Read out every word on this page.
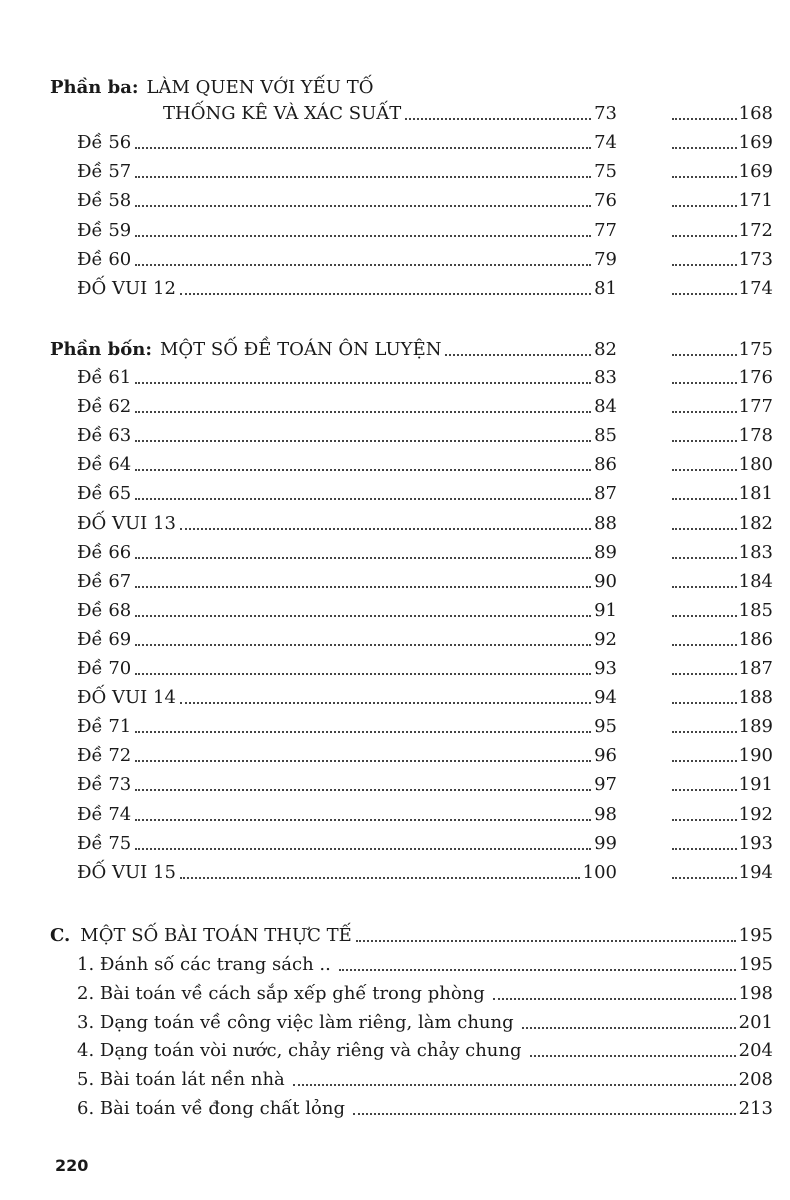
Phần ba: LÀM QUEN VỚI YẾU TỐ
THỐNG KÊ VÀ XÁC SUẤT	73	168
Đề 56	74	169
Đề 57	75	169
Đề 58	76	171
Đề 59	77	172
Đề 60	79	173
ĐỐ VUI 12	81	174
Phần bốn: MỘT SỐ ĐỀ TOÁN ÔN LUYỆN	82	175
Đề 61	83	176
Đề 62	84	177
Đề 63	85	178
Đề 64	86	180
Đề 65	87	181
ĐỐ VUI 13	88	182
Đề 66	89	183
Đề 67	90	184
Đề 68	91	185
Đề 69	92	186
Đề 70	93	187
ĐỐ VUI 14	94	188
Đề 71	95	189
Đề 72	96	190
Đề 73	97	191
Đề 74	98	192
Đề 75	99	193
ĐỐ VUI 15	100	194
C. MỘT SỐ BÀI TOÁN THỰC TẾ	195
1. Đánh số các trang sách ..	195
2. Bài toán về cách sắp xếp ghế trong phòng	198
3. Dạng toán về công việc làm riêng, làm chung	201
4. Dạng toán vòi nước, chảy riêng và chảy chung	204
5. Bài toán lát nền nhà	208
6. Bài toán về đong chất lỏng	213
220
